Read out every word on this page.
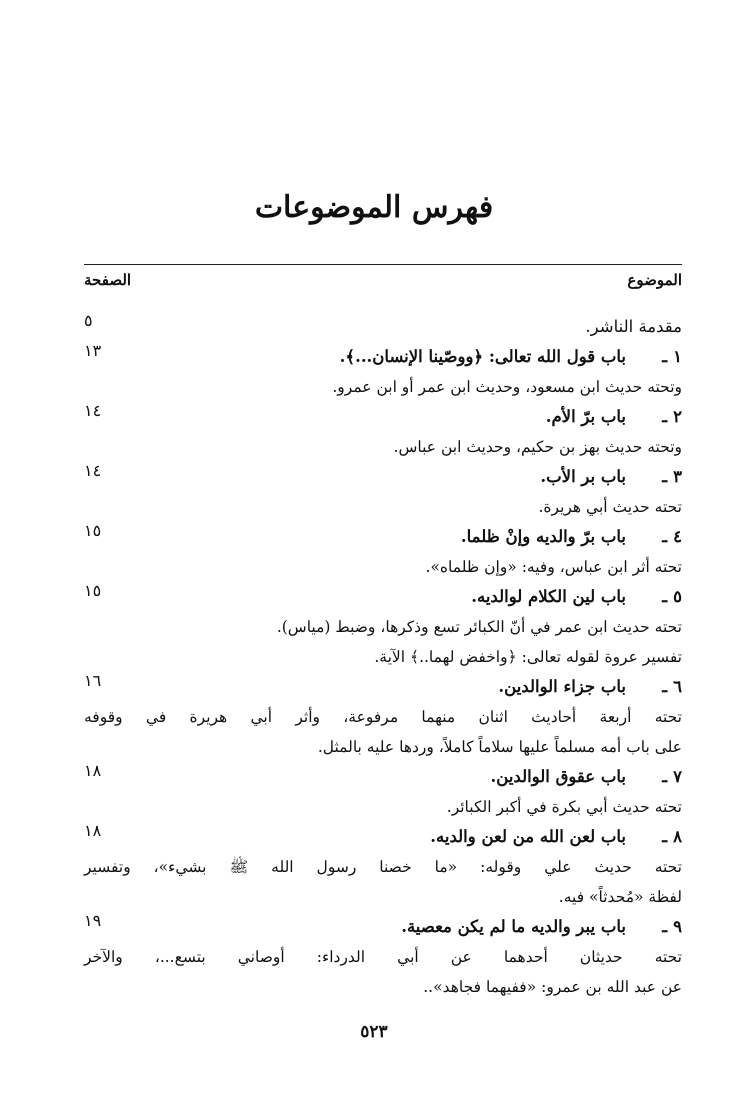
فهرس الموضوعات
الموضوع
الصفحة
مقدمة الناشر.
٥
١ـ
باب قول الله تعالى: ﴿ووصّينا الإنسان...﴾.
١٣
وتحته حديث ابن مسعود، وحديث ابن عمر أو ابن عمرو.
٢ـ
باب برّ الأم.
١٤
وتحته حديث بهز بن حكيم، وحديث ابن عباس.
٣ـ
باب بر الأب.
١٤
تحته حديث أبي هريرة.
٤ـ
باب برّ والديه وإنْ ظلما.
١٥
تحته أثر ابن عباس، وفيه: «وإن ظلماه».
٥ـ
باب لين الكلام لوالديه.
١٥
تحته حديث ابن عمر في أنّ الكبائر تسع وذكرها، وضبط (مياس).
تفسير عروة لقوله تعالى: ﴿واخفض لهما..﴾ الآية.
٦ـ
باب جزاء الوالدين.
١٦
تحته أربعة أحاديث اثنان منهما مرفوعة، وأثر أبي هريرة في وقوفه
على باب أمه مسلماً عليها سلاماً كاملاً، وردها عليه بالمثل.
٧ـ
باب عقوق الوالدين.
١٨
تحته حديث أبي بكرة في أكبر الكبائر.
٨ـ
باب لعن الله من لعن والديه.
١٨
تحته حديث علي وقوله: «ما خصنا رسول الله ﷺ بشيء»، وتفسير
لفظة «مُحدثاً» فيه.
٩ـ
باب يبر والديه ما لم يكن معصية.
١٩
تحته حديثان أحدهما عن أبي الدرداء: أوصاني بتسع...، والآخر
عن عبد الله بن عمرو: «ففيهما فجاهد»..
٥٢٣
